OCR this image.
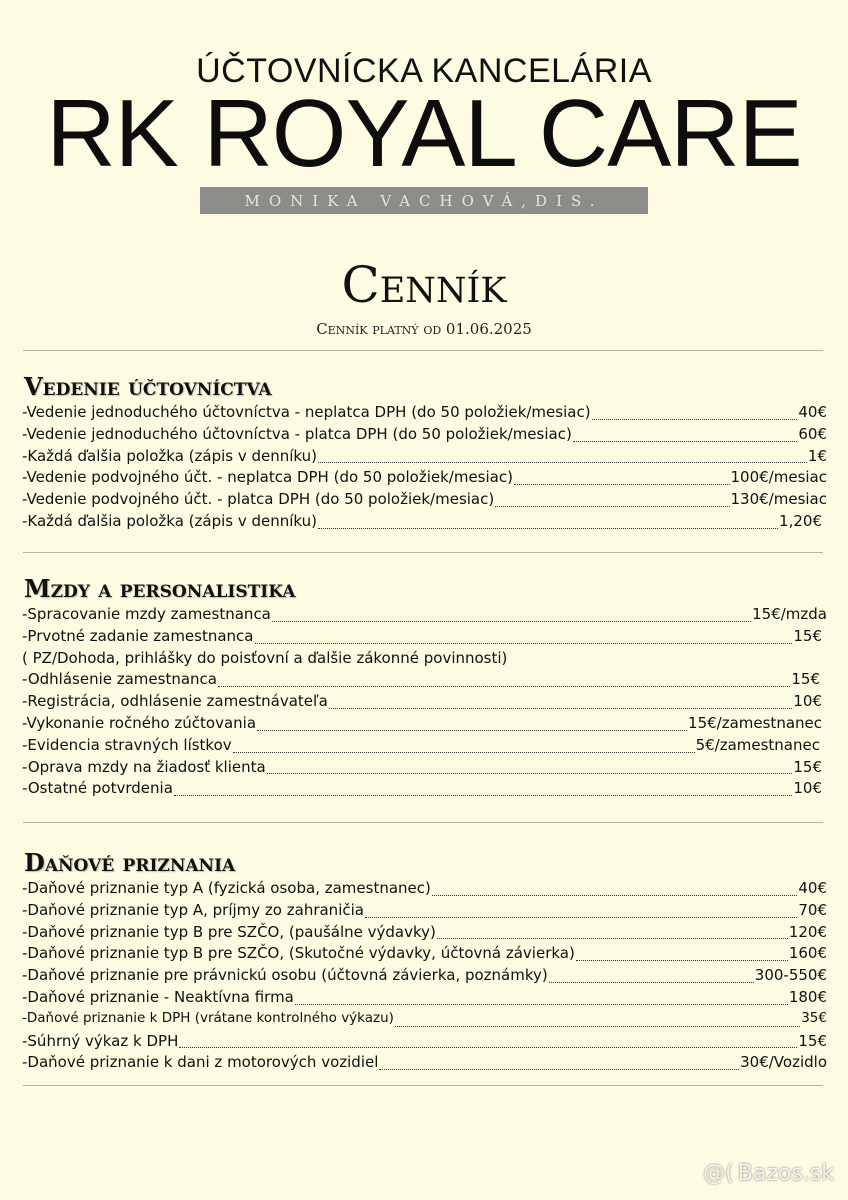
ÚČTOVNÍCKA KANCELÁRIA
RK ROYAL CARE
MONIKA VACHOVÁ,DIS.
Cenník
Cenník platný od 01.06.2025
Vedenie účtovníctva
-Vedenie jednoduchého účtovníctva - neplatca DPH (do 50 položiek/mesiac)	40€
-Vedenie jednoduchého účtovníctva - platca DPH (do 50 položiek/mesiac)	60€
-Každá ďalšia položka (zápis v denníku)	1€
-Vedenie podvojného účt. - neplatca DPH (do 50 položiek/mesiac)	100€/mesiac
-Vedenie podvojného účt. - platca DPH (do 50 položiek/mesiac)	130€/mesiac
-Každá ďalšia položka (zápis v denníku)	1,20€
Mzdy a personalistika
-Spracovanie mzdy zamestnanca	15€/mzda
-Prvotné zadanie zamestnanca	15€
( PZ/Dohoda, prihlášky do poisťovní a ďalšie zákonné povinnosti)
-Odhlásenie zamestnanca	15€
-Registrácia, odhlásenie zamestnávateľa	10€
-Vykonanie ročného zúčtovania	15€/zamestnanec
-Evidencia stravných lístkov	5€/zamestnanec
-Oprava mzdy na žiadosť klienta	15€
-Ostatné potvrdenia	10€
Daňové priznania
-Daňové priznanie typ A (fyzická osoba, zamestnanec)	40€
-Daňové priznanie typ A, príjmy zo zahraničia	70€
-Daňové priznanie typ B pre SZČO, (paušálne výdavky)	120€
-Daňové priznanie typ B pre SZČO, (Skutočné výdavky, účtovná závierka)	160€
-Daňové priznanie pre právnickú osobu (účtovná závierka, poznámky)	300-550€
-Daňové priznanie - Neaktívna firma	180€
-Daňové priznanie k DPH (vrátane kontrolného výkazu)	35€
-Súhrný výkaz k DPH	15€
-Daňové priznanie k dani z motorových vozidiel	30€/Vozidlo
@( Bazos.sk
